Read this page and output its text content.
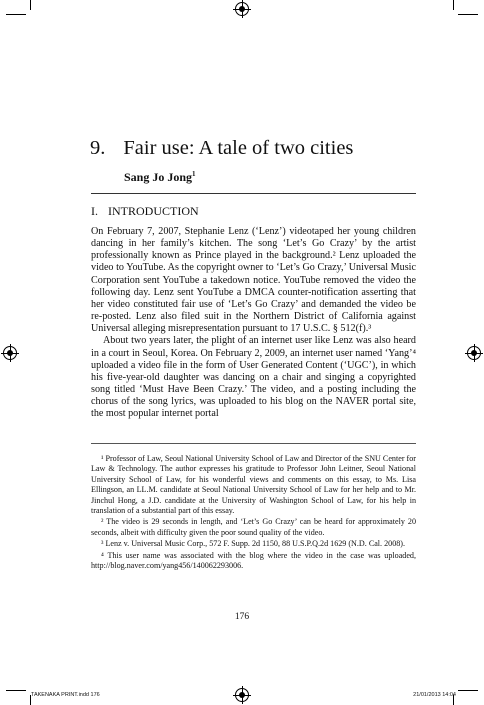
9. Fair use: A tale of two cities
Sang Jo Jong$^1$
I. INTRODUCTION

On February 7, 2007, Stephanie Lenz (‘Lenz’) videotaped her young children dancing in her family’s kitchen. The song ‘Let’s Go Crazy’ by the artist professionally known as Prince played in the background.² Lenz uploaded the video to YouTube. As the copyright owner to ‘Let’s Go Crazy,’ Universal Music Corporation sent YouTube a takedown notice. YouTube removed the video the following day. Lenz sent YouTube a DMCA counter-notification asserting that her video constituted fair use of ‘Let’s Go Crazy’ and demanded the video be re-posted. Lenz also filed suit in the Northern District of California against Universal alleging misrepresentation pursuant to 17 U.S.C. § 512(f).³

About two years later, the plight of an internet user like Lenz was also heard in a court in Seoul, Korea. On February 2, 2009, an internet user named ‘Yang’⁴ uploaded a video file in the form of User Generated Content (‘UGC’), in which his five-year-old daughter was dancing on a chair and singing a copyrighted song titled ‘Must Have Been Crazy.’ The video, and a posting including the chorus of the song lyrics, was uploaded to his blog on the NAVER portal site, the most popular internet portal

¹ Professor of Law, Seoul National University School of Law and Director of the SNU Center for Law & Technology. The author expresses his gratitude to Professor John Leitner, Seoul National University School of Law, for his wonderful views and comments on this essay, to Ms. Lisa Ellingson, an LL.M. candidate at Seoul National University School of Law for her help and to Mr. Jinchul Hong, a J.D. candidate at the University of Washington School of Law, for his help in translation of a substantial part of this essay.

² The video is 29 seconds in length, and ‘Let’s Go Crazy’ can be heard for approximately 20 seconds, albeit with difficulty given the poor sound quality of the video.

³ Lenz v. Universal Music Corp., 572 F. Supp. 2d 1150, 88 U.S.P.Q.2d 1629 (N.D. Cal. 2008).

⁴ This user name was associated with the blog where the video in the case was uploaded, http://blog.naver.com/yang456/140062293006.

176
TAKENAKA PRINT.indd 176	21/01/2013 14:04
